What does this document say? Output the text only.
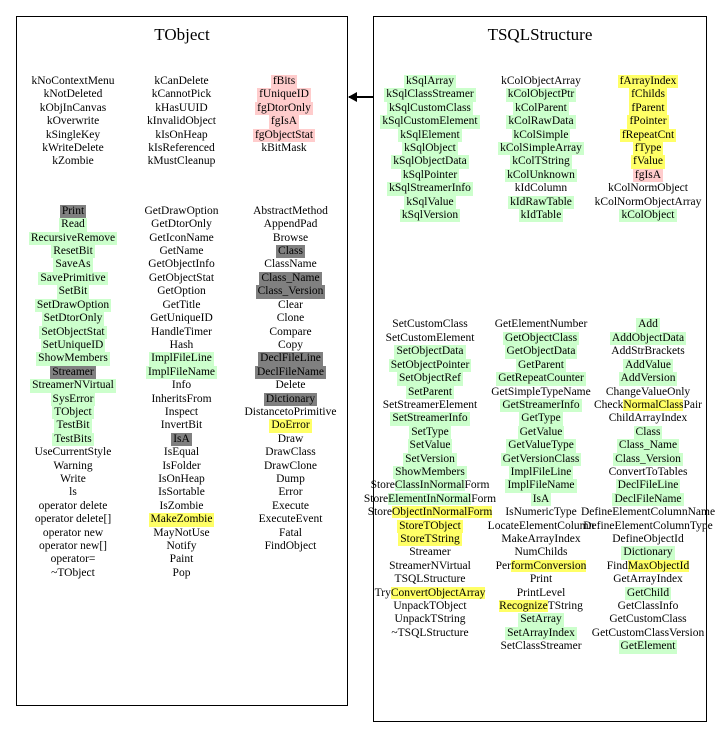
TObject
kNoContextMenu
kNotDeleted
kObjInCanvas
kOverwrite
kSingleKey
kWriteDelete
kZombie
kCanDelete
kCannotPick
kHasUUID
kInvalidObject
kIsOnHeap
kIsReferenced
kMustCleanup
fBits
fUniqueID
fgDtorOnly
fgIsA
fgObjectStat
kBitMask
Print
Read
RecursiveRemove
ResetBit
SaveAs
SavePrimitive
SetBit
SetDrawOption
SetDtorOnly
SetObjectStat
SetUniqueID
ShowMembers
Streamer
StreamerNVirtual
SysError
TObject
TestBit
TestBits
UseCurrentStyle
Warning
Write
ls
operator delete
operator delete[]
operator new
operator new[]
operator=
~TObject
GetDrawOption
GetDtorOnly
GetIconName
GetName
GetObjectInfo
GetObjectStat
GetOption
GetTitle
GetUniqueID
HandleTimer
Hash
ImplFileLine
ImplFileName
Info
InheritsFrom
Inspect
InvertBit
IsA
IsEqual
IsFolder
IsOnHeap
IsSortable
IsZombie
MakeZombie
MayNotUse
Notify
Paint
Pop
AbstractMethod
AppendPad
Browse
Class
ClassName
Class_Name
Class_Version
Clear
Clone
Compare
Copy
DeclFileLine
DeclFileName
Delete
Dictionary
DistancetoPrimitive
DoError
Draw
DrawClass
DrawClone
Dump
Error
Execute
ExecuteEvent
Fatal
FindObject
TSQLStructure
kSqlArray
kSqlClassStreamer
kSqlCustomClass
kSqlCustomElement
kSqlElement
kSqlObject
kSqlObjectData
kSqlPointer
kSqlStreamerInfo
kSqlValue
kSqlVersion
kColObjectArray
kColObjectPtr
kColParent
kColRawData
kColSimple
kColSimpleArray
kColTString
kColUnknown
kIdColumn
kIdRawTable
kIdTable
fArrayIndex
fChilds
fParent
fPointer
fRepeatCnt
fType
fValue
fgIsA
kColNormObject
kColNormObjectArray
kColObject
SetCustomClass
SetCustomElement
SetObjectData
SetObjectPointer
SetObjectRef
SetParent
SetStreamerElement
SetStreamerInfo
SetType
SetValue
SetVersion
ShowMembers
StoreClassInNormalForm
StoreElementInNormalForm
StoreObjectInNormalForm
StoreTObject
StoreTString
Streamer
StreamerNVirtual
TSQLStructure
TryConvertObjectArray
UnpackTObject
UnpackTString
~TSQLStructure
GetElementNumber
GetObjectClass
GetObjectData
GetParent
GetRepeatCounter
GetSimpleTypeName
GetStreamerInfo
GetType
GetValue
GetValueType
GetVersionClass
ImplFileLine
ImplFileName
IsA
IsNumericType
LocateElementColumn
MakeArrayIndex
NumChilds
PerformConversion
Print
PrintLevel
RecognizeTString
SetArray
SetArrayIndex
SetClassStreamer
Add
AddObjectData
AddStrBrackets
AddValue
AddVersion
ChangeValueOnly
CheckNormalClassPair
ChildArrayIndex
Class
Class_Name
Class_Version
ConvertToTables
DeclFileLine
DeclFileName
DefineElementColumnName
DefineElementColumnType
DefineObjectId
Dictionary
FindMaxObjectId
GetArrayIndex
GetChild
GetClassInfo
GetCustomClass
GetCustomClassVersion
GetElement
